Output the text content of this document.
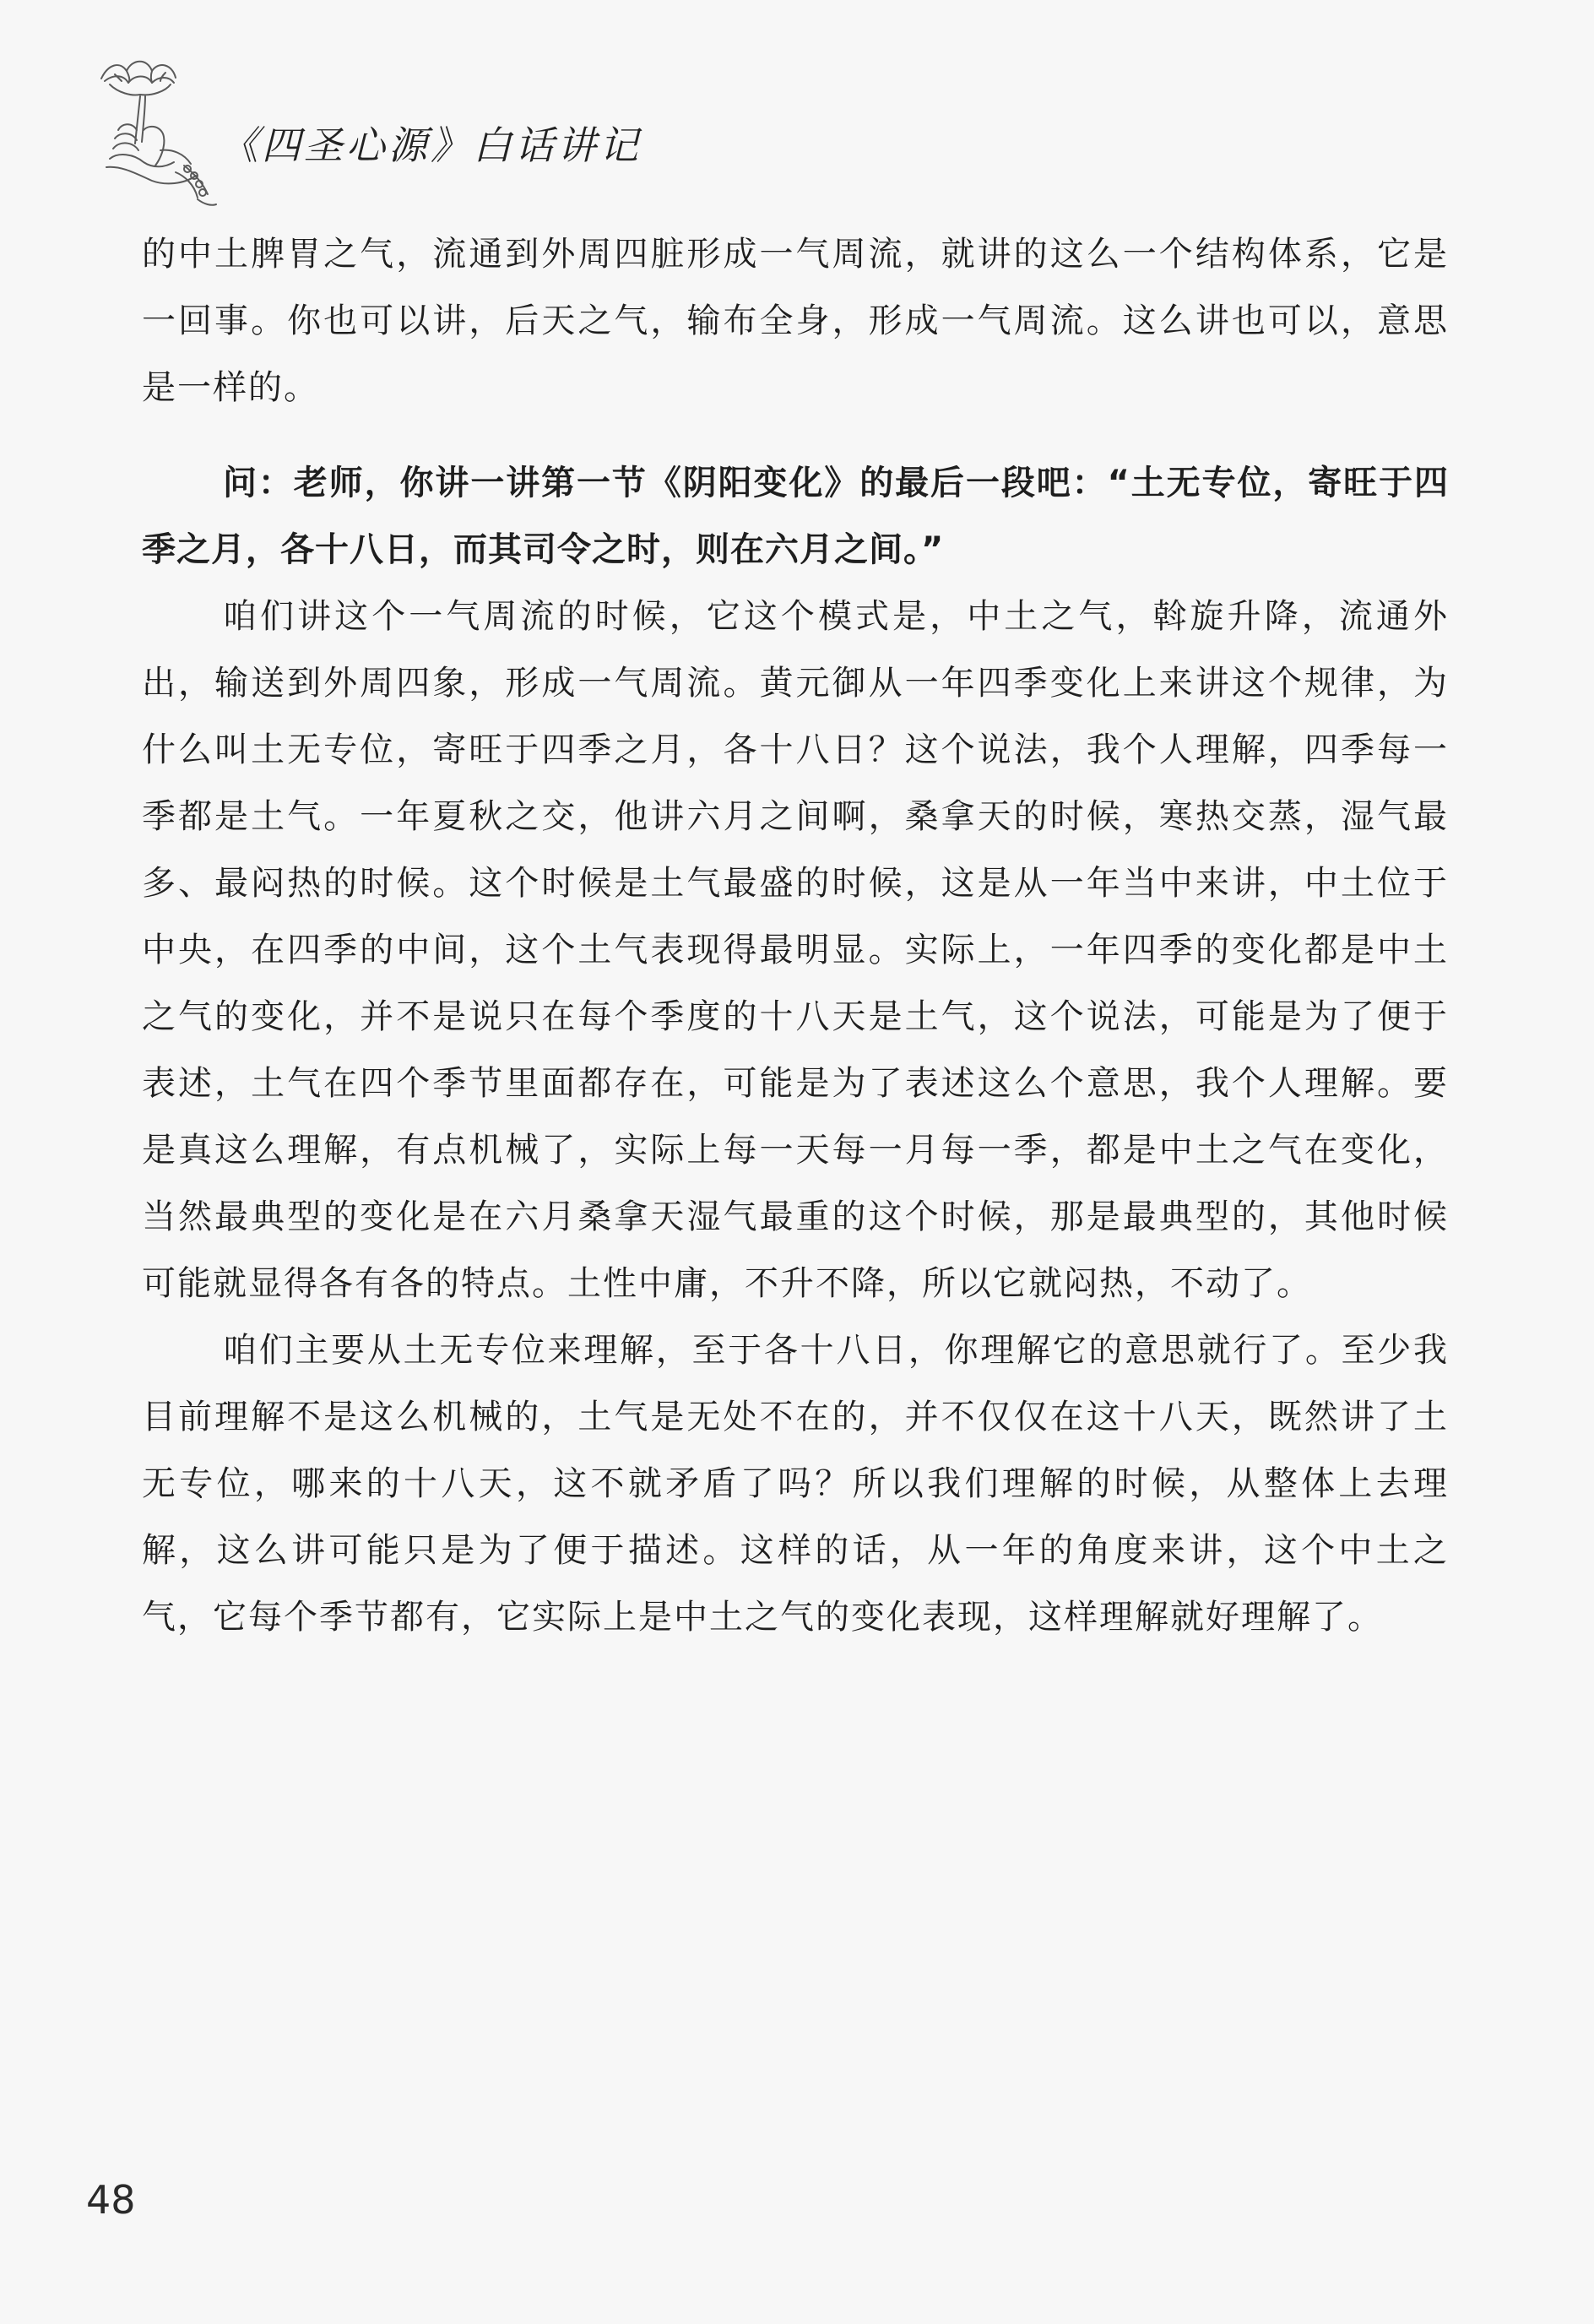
《四圣心源》白话讲记

的中土脾胃之气，流通到外周四脏形成一气周流，就讲的这么一个结构体系，它是一回事。你也可以讲，后天之气，输布全身，形成一气周流。这么讲也可以，意思是一样的。

问：老师，你讲一讲第一节《阴阳变化》的最后一段吧：“土无专位，寄旺于四季之月，各十八日，而其司令之时，则在六月之间。”

咱们讲这个一气周流的时候，它这个模式是，中土之气，斡旋升降，流通外出，输送到外周四象，形成一气周流。黄元御从一年四季变化上来讲这个规律，为什么叫土无专位，寄旺于四季之月，各十八日？这个说法，我个人理解，四季每一季都是土气。一年夏秋之交，他讲六月之间啊，桑拿天的时候，寒热交蒸，湿气最多、最闷热的时候。这个时候是土气最盛的时候，这是从一年当中来讲，中土位于中央，在四季的中间，这个土气表现得最明显。实际上，一年四季的变化都是中土之气的变化，并不是说只在每个季度的十八天是土气，这个说法，可能是为了便于表述，土气在四个季节里面都存在，可能是为了表述这么个意思，我个人理解。要是真这么理解，有点机械了，实际上每一天每一月每一季，都是中土之气在变化，当然最典型的变化是在六月桑拿天湿气最重的这个时候，那是最典型的，其他时候可能就显得各有各的特点。土性中庸，不升不降，所以它就闷热，不动了。

咱们主要从土无专位来理解，至于各十八日，你理解它的意思就行了。至少我目前理解不是这么机械的，土气是无处不在的，并不仅仅在这十八天，既然讲了土无专位，哪来的十八天，这不就矛盾了吗？所以我们理解的时候，从整体上去理解，这么讲可能只是为了便于描述。这样的话，从一年的角度来讲，这个中土之气，它每个季节都有，它实际上是中土之气的变化表现，这样理解就好理解了。

48
